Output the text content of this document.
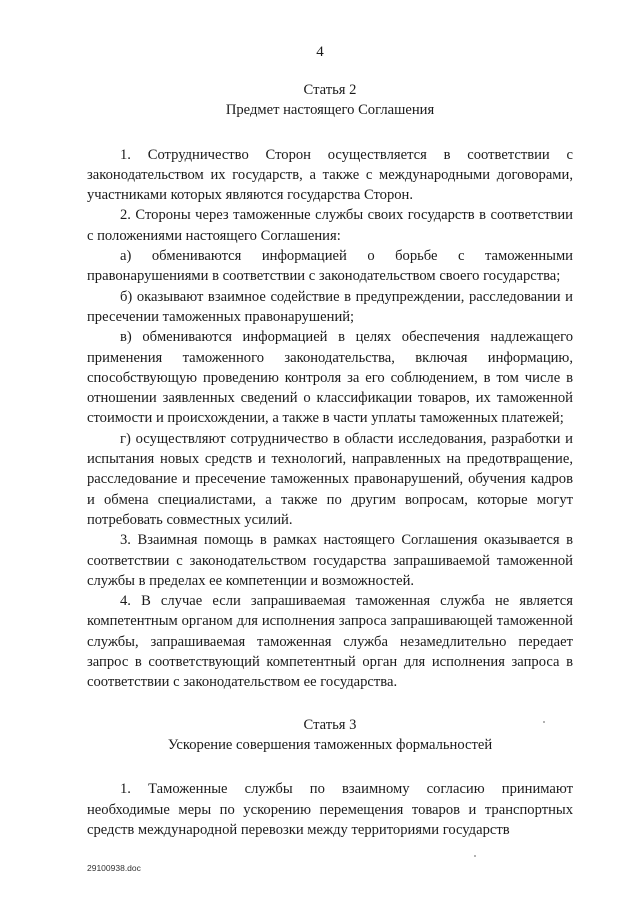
4
Статья 2
Предмет настоящего Соглашения

1. Сотрудничество Сторон осуществляется в соответствии с законодательством их государств, а также с международными договорами, участниками которых являются государства Сторон.

2. Стороны через таможенные службы своих государств в соответствии с положениями настоящего Соглашения:

а) обмениваются информацией о борьбе с таможенными правонарушениями в соответствии с законодательством своего государства;

б) оказывают взаимное содействие в предупреждении, расследовании и пресечении таможенных правонарушений;

в) обмениваются информацией в целях обеспечения надлежащего применения таможенного законодательства, включая информацию, способствующую проведению контроля за его соблюдением, в том числе в отношении заявленных сведений о классификации товаров, их таможенной стоимости и происхождении, а также в части уплаты таможенных платежей;

г) осуществляют сотрудничество в области исследования, разработки и испытания новых средств и технологий, направленных на предотвращение, расследование и пресечение таможенных правонарушений, обучения кадров и обмена специалистами, а также по другим вопросам, которые могут потребовать совместных усилий.

3. Взаимная помощь в рамках настоящего Соглашения оказывается в соответствии с законодательством государства запрашиваемой таможенной службы в пределах ее компетенции и возможностей.

4. В случае если запрашиваемая таможенная служба не является компетентным органом для исполнения запроса запрашивающей таможенной службы, запрашиваемая таможенная служба незамедлительно передает запрос в соответствующий компетентный орган для исполнения запроса в соответствии с законодательством ее государства.

Статья 3
Ускорение совершения таможенных формальностей

1. Таможенные службы по взаимному согласию принимают необходимые меры по ускорению перемещения товаров и транспортных средств международной перевозки между территориями государств

29100938.doc
